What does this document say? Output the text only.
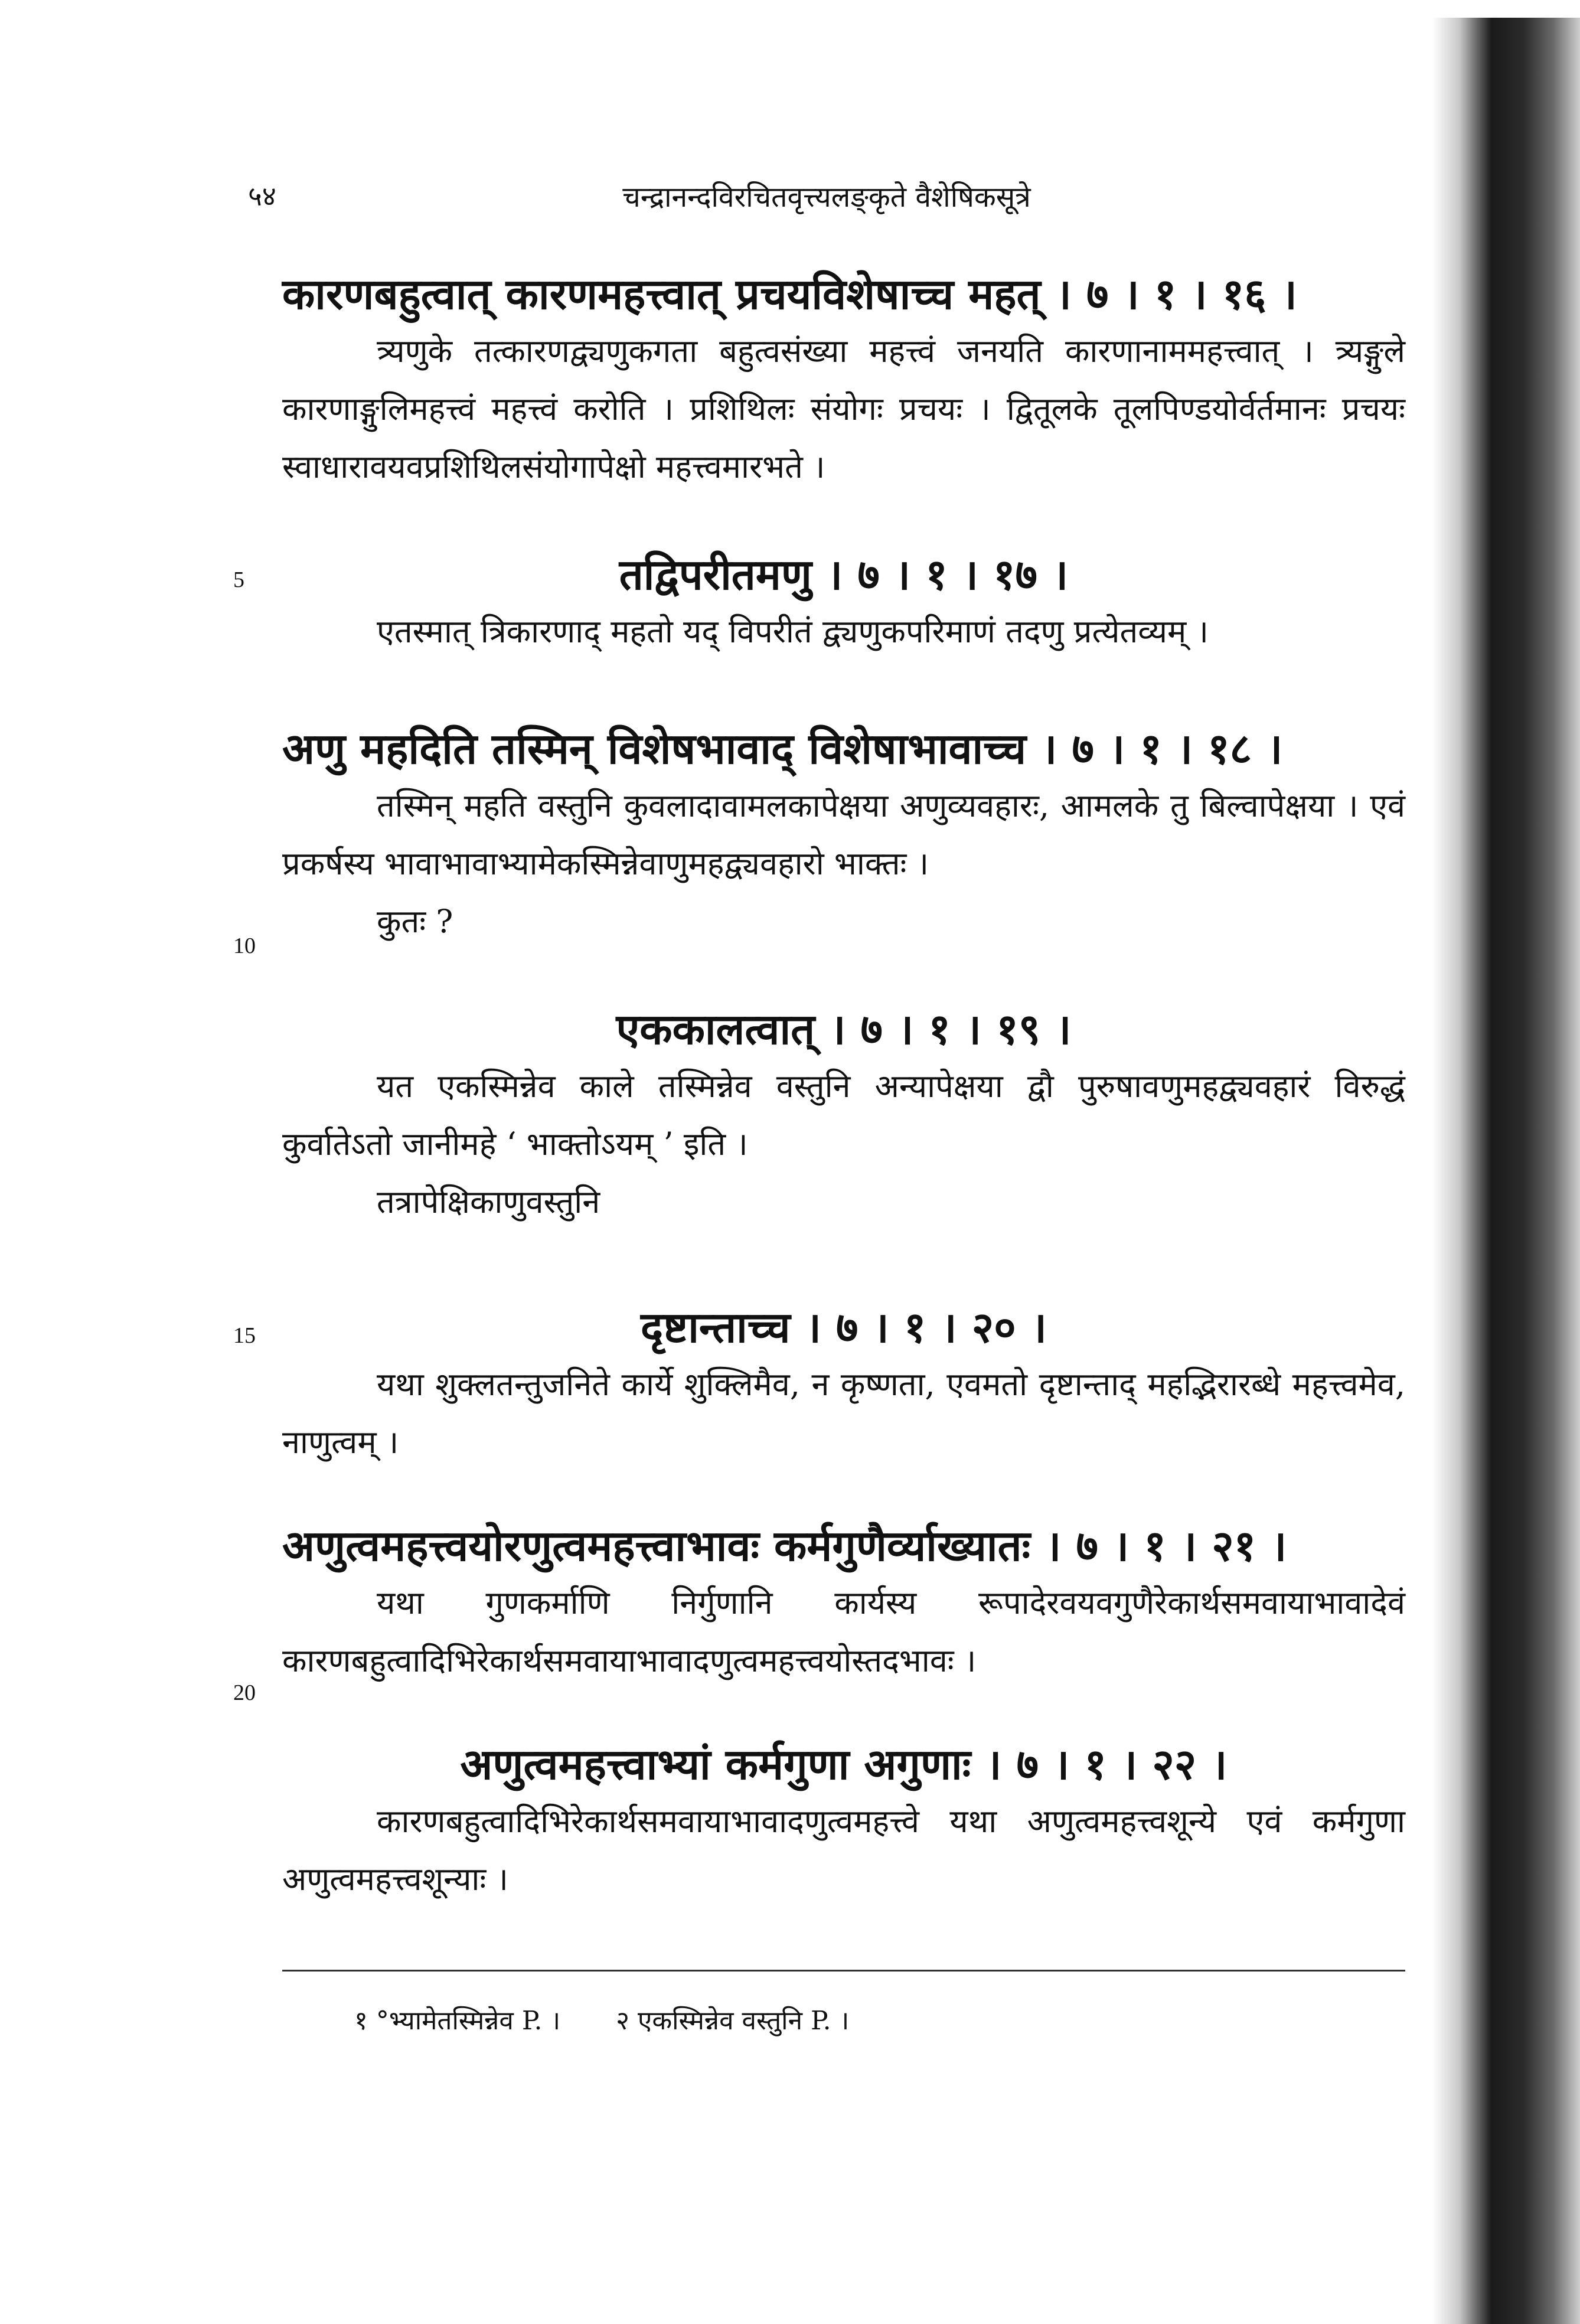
५४	चन्द्रानन्दविरचितवृत्त्यलङ्कृते वैशेषिकसूत्रे
5
10
15
20
कारणबहुत्वात् कारणमहत्त्वात् प्रचयविशेषाच्च महत् । ७ । १ । १६ ।
त्र्यणुके तत्कारणद्व्यणुकगता बहुत्वसंख्या महत्त्वं जनयति कारणानाममहत्त्वात् । त्र्यङ्गुले कारणाङ्गुलिमहत्त्वं महत्त्वं करोति । प्रशिथिलः संयोगः प्रचयः । द्वितूलके तूलपिण्डयोर्वर्तमानः प्रचयः स्वाधारावयवप्रशिथिलसंयोगापेक्षो महत्त्वमारभते ।
तद्विपरीतमणु । ७ । १ । १७ ।
एतस्मात् त्रिकारणाद् महतो यद् विपरीतं द्व्यणुकपरिमाणं तदणु प्रत्येतव्यम् ।
अणु महदिति तस्मिन् विशेषभावाद् विशेषाभावाच्च । ७ । १ । १८ ।
तस्मिन् महति वस्तुनि कुवलादावामलकापेक्षया अणुव्यवहारः, आमलके तु बिल्वापेक्षया । एवं प्रकर्षस्य भावाभावाभ्यामेकस्मिन्नेवाणुमहद्व्यवहारो भाक्तः ।
कुतः ?
एककालत्वात् । ७ । १ । १९ ।
यत एकस्मिन्नेव काले तस्मिन्नेव वस्तुनि अन्यापेक्षया द्वौ पुरुषावणुमहद्व्यवहारं विरुद्धं कुर्वातेऽतो जानीमहे ‘ भाक्तोऽयम् ’ इति ।
तत्रापेक्षिकाणुवस्तुनि
दृष्टान्ताच्च । ७ । १ । २० ।
यथा शुक्लतन्तुजनिते कार्ये शुक्लिमैव, न कृष्णता, एवमतो दृष्टान्ताद् महद्भिरारब्धे महत्त्वमेव, नाणुत्वम् ।
अणुत्वमहत्त्वयोरणुत्वमहत्त्वाभावः कर्मगुणैर्व्याख्यातः । ७ । १ । २१ ।
यथा गुणकर्माणि निर्गुणानि कार्यस्य रूपादेरवयवगुणैरेकार्थसमवायाभावादेवं कारणबहुत्वादिभिरेकार्थसमवायाभावादणुत्वमहत्त्वयोस्तदभावः ।
अणुत्वमहत्त्वाभ्यां कर्मगुणा अगुणाः । ७ । १ । २२ ।
कारणबहुत्वादिभिरेकार्थसमवायाभावादणुत्वमहत्त्वे यथा अणुत्वमहत्त्वशून्ये एवं कर्मगुणा अणुत्वमहत्त्वशून्याः ।
१ °भ्यामेतस्मिन्नेव P. । २ एकस्मिन्नेव वस्तुनि P. ।
